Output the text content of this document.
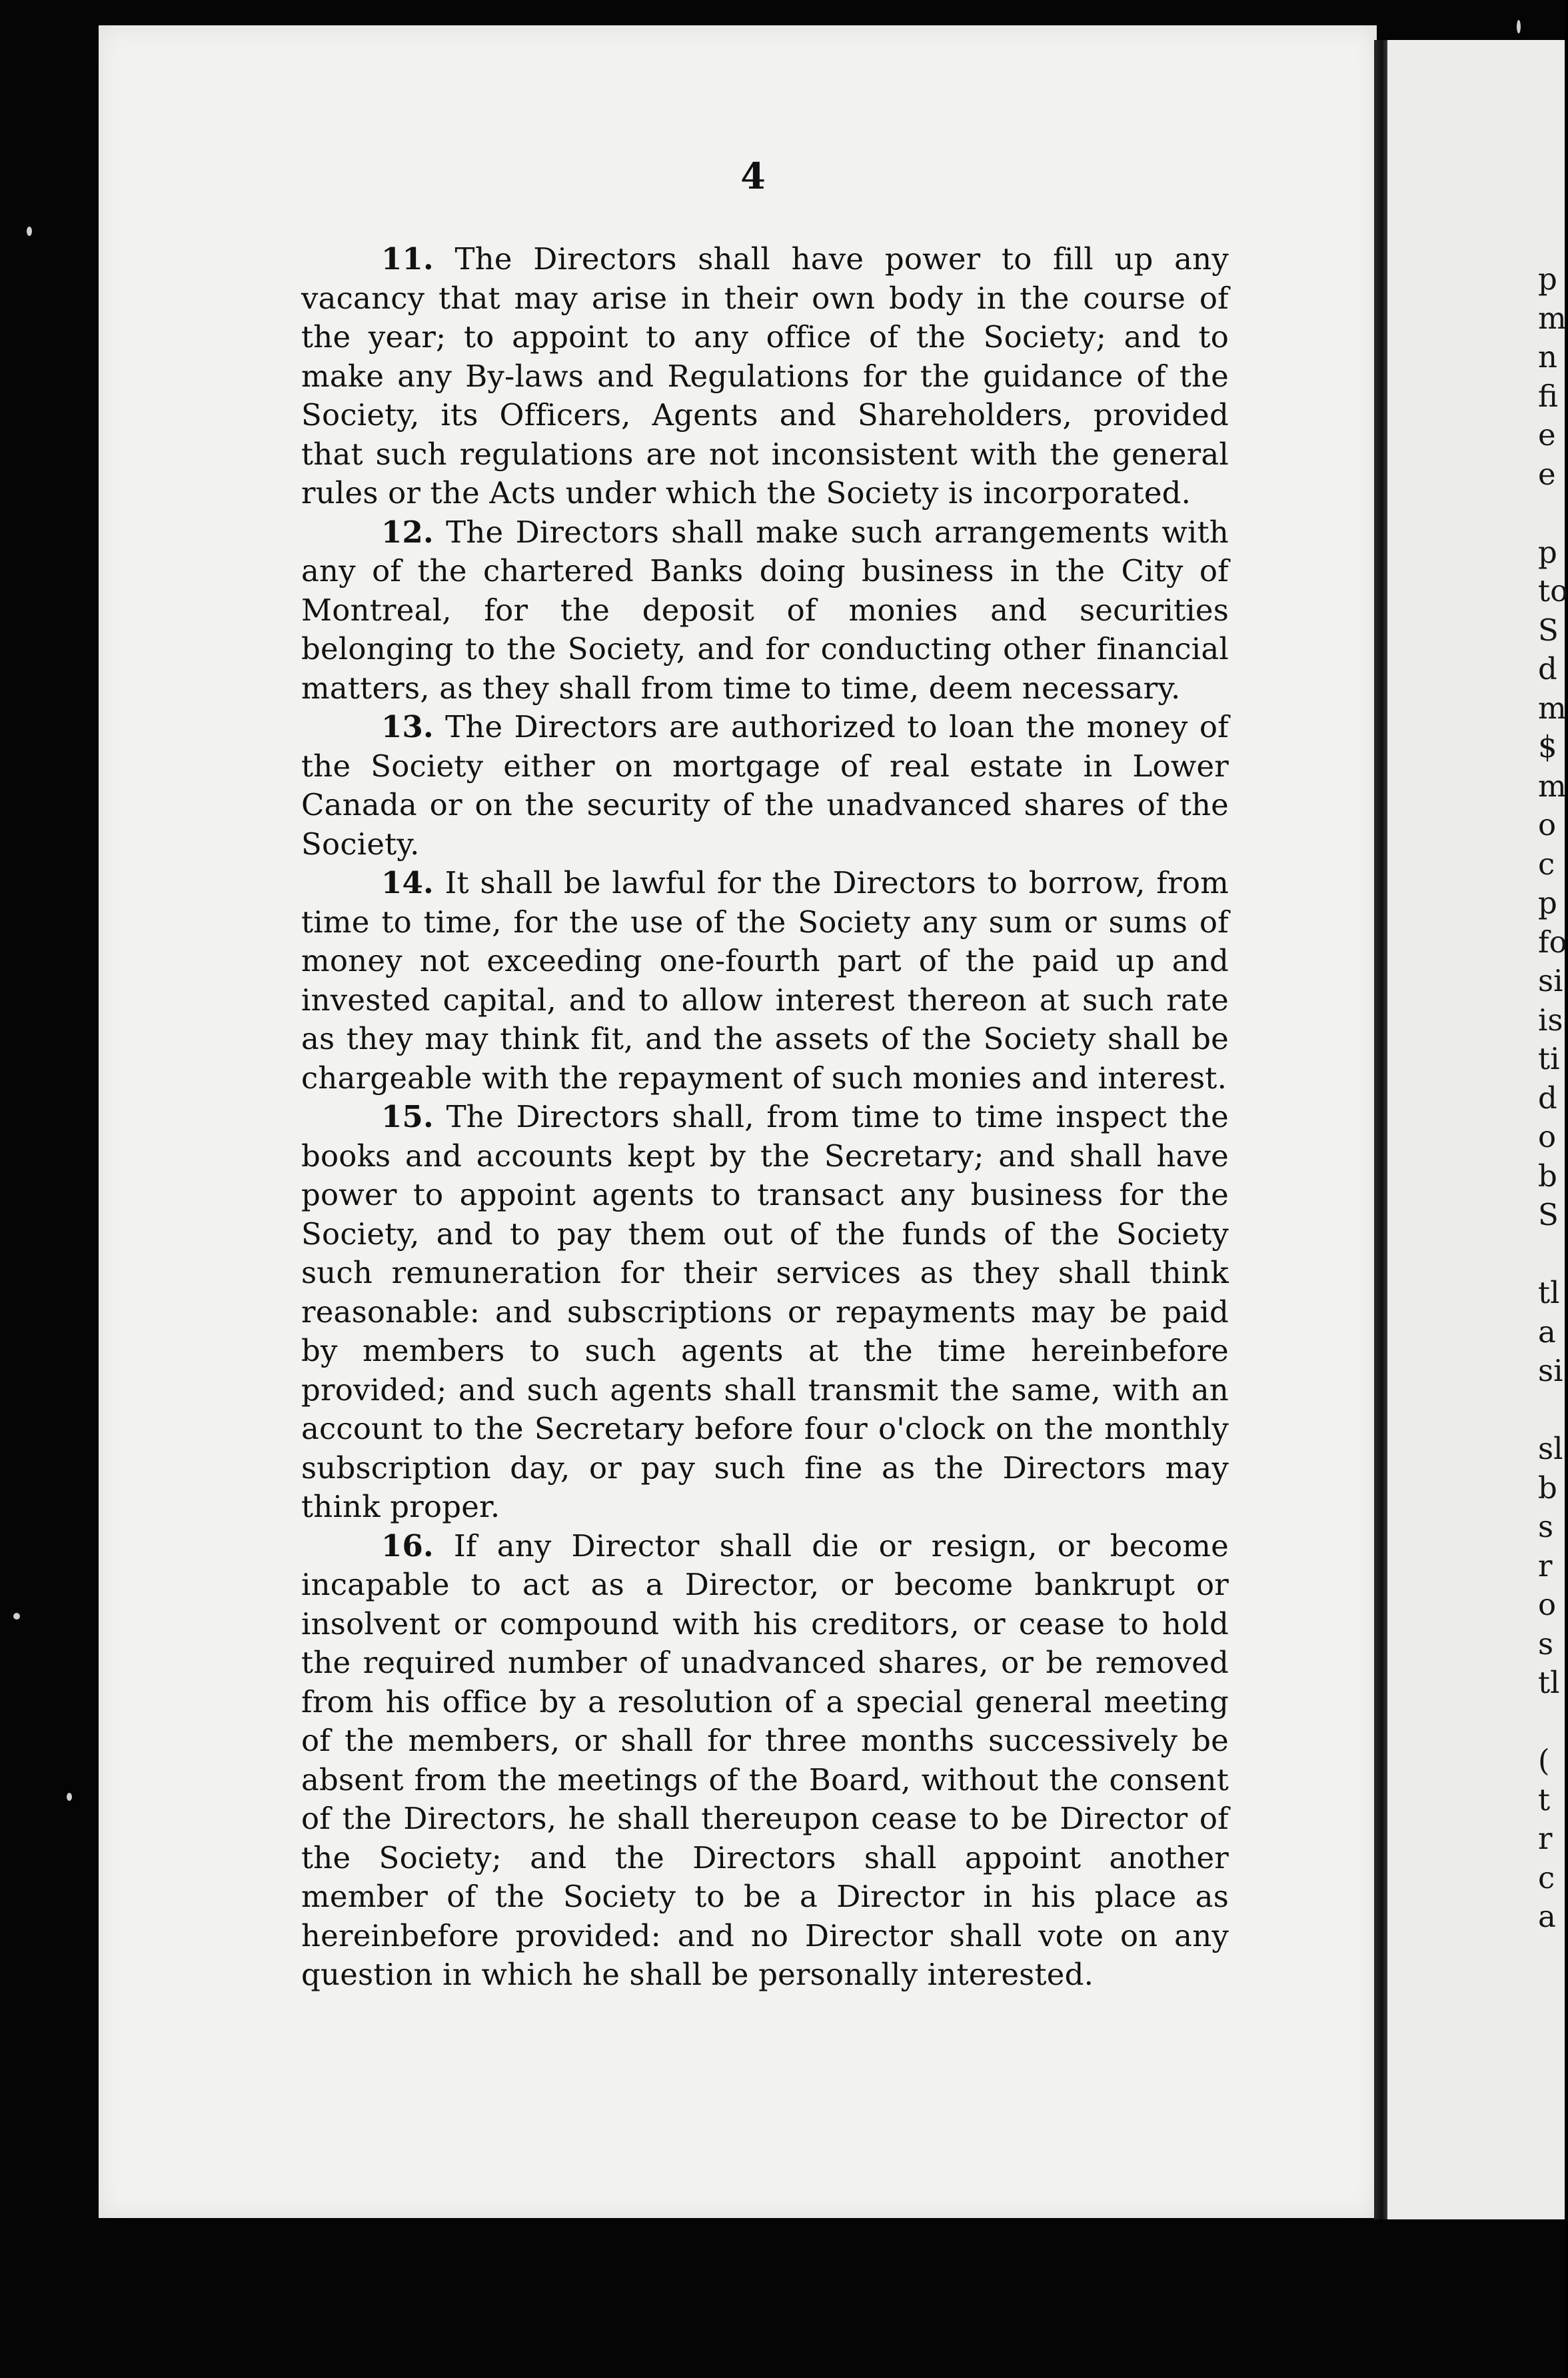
4

11. The Directors shall have power to fill up any vacancy that may arise in their own body in the course of the year; to appoint to any office of the Society; and to make any By-laws and Regulations for the guidance of the Society, its Officers, Agents and Shareholders, provided that such regulations are not inconsistent with the general rules or the Acts under which the Society is incorporated.

12. The Directors shall make such arrangements with any of the chartered Banks doing business in the City of Montreal, for the deposit of monies and securities belonging to the Society, and for conducting other financial matters, as they shall from time to time, deem necessary.

13. The Directors are authorized to loan the money of the Society either on mortgage of real estate in Lower Canada or on the security of the unadvanced shares of the Society.

14. It shall be lawful for the Directors to borrow, from time to time, for the use of the Society any sum or sums of money not exceeding one-fourth part of the paid up and invested capital, and to allow interest thereon at such rate as they may think fit, and the assets of the Society shall be chargeable with the repayment of such monies and interest.

15. The Directors shall, from time to time inspect the books and accounts kept by the Secretary; and shall have power to appoint agents to transact any business for the Society, and to pay them out of the funds of the Society such remuneration for their services as they shall think reasonable: and subscriptions or repayments may be paid by members to such agents at the time hereinbefore provided; and such agents shall transmit the same, with an account to the Secretary before four o'clock on the monthly subscription day, or pay such fine as the Directors may think proper.

16. If any Director shall die or resign, or become incapable to act as a Director, or become bankrupt or insolvent or compound with his creditors, or cease to hold the required number of unadvanced shares, or be removed from his office by a resolution of a special general meeting of the members, or shall for three months successively be absent from the meetings of the Board, without the consent of the Directors, he shall thereupon cease to be Director of the Society; and the Directors shall appoint another member of the Society to be a Director in his place as hereinbefore provided: and no Director shall vote on any question in which he shall be personally interested.

p
m
n
fi
e
e
p
to
S
d
m
$
m
o
c
p
fo
si
is
ti
d
o
b
S
tl
a
si
sl
b
s
r
o
s
tl
(
t
r
c
a
